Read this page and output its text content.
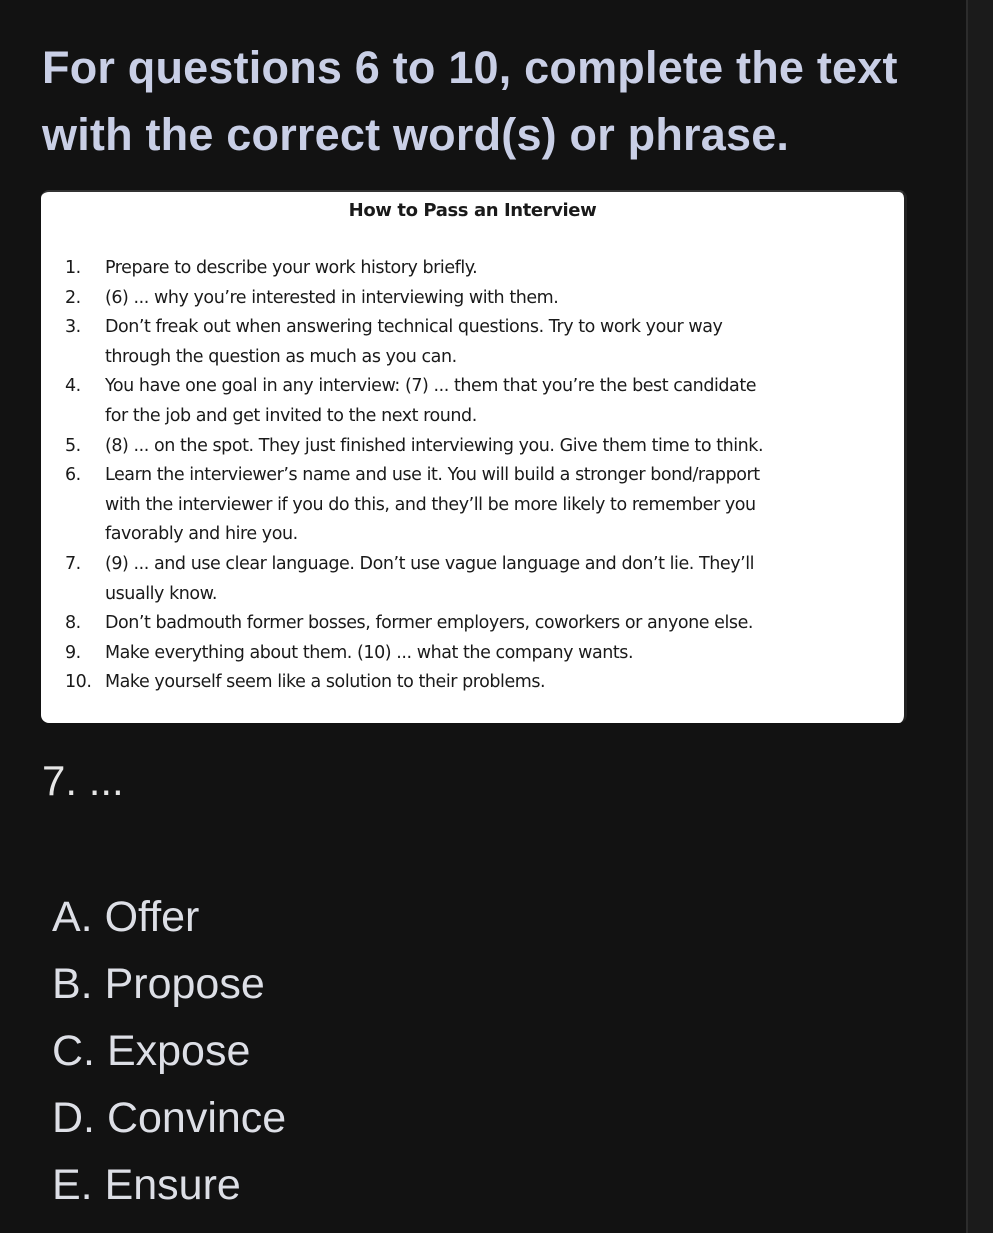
For questions 6 to 10, complete the text
with the correct word(s) or phrase.
How to Pass an Interview
1.	Prepare to describe your work history briefly.
2.	(6) ... why you’re interested in interviewing with them.
3.	Don’t freak out when answering technical questions. Try to work your way
through the question as much as you can.
4.	You have one goal in any interview: (7) ... them that you’re the best candidate
for the job and get invited to the next round.
5.	(8) ... on the spot. They just finished interviewing you. Give them time to think.
6.	Learn the interviewer’s name and use it. You will build a stronger bond/rapport
with the interviewer if you do this, and they’ll be more likely to remember you
favorably and hire you.
7.	(9) ... and use clear language. Don’t use vague language and don’t lie. They’ll
usually know.
8.	Don’t badmouth former bosses, former employers, coworkers or anyone else.
9.	Make everything about them. (10) ... what the company wants.
10. Make yourself seem like a solution to their problems.
7. ...
A. Offer
B. Propose
C. Expose
D. Convince
E. Ensure
